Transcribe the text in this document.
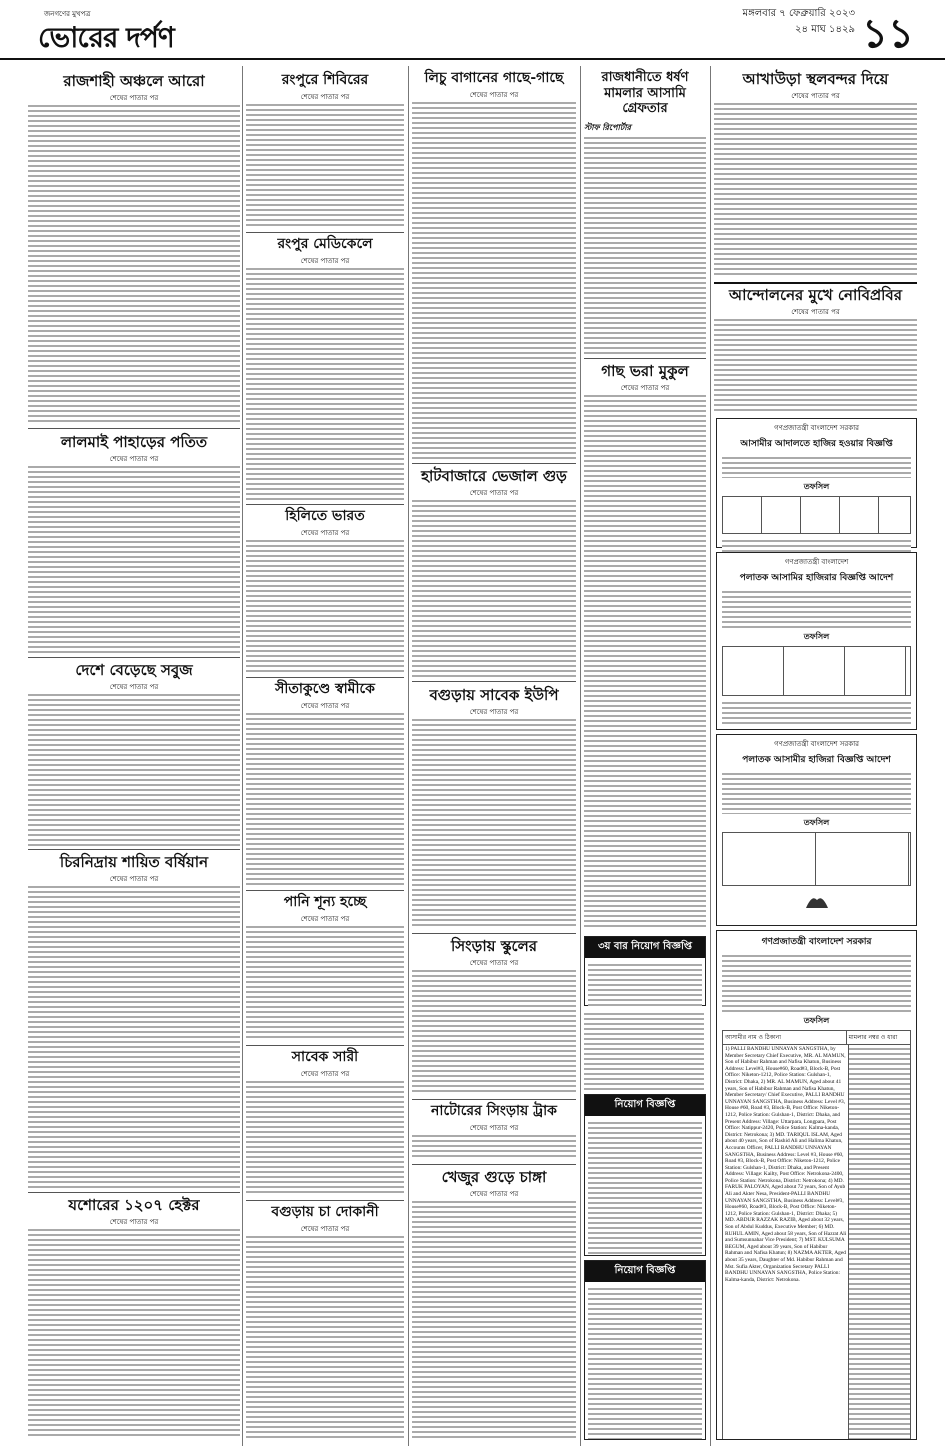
জনগণের মুখপত্র
ভোরের দর্পণ
মঙ্গলবার ৭ ফেব্রুয়ারি ২০২৩
২৪ মাঘ ১৪২৯ ১১
রাজশাহী অঞ্চলে আরো
শেষের পাতার পর
লালমাই পাহাড়ের পতিত
শেষের পাতার পর
দেশে বেড়েছে সবুজ
শেষের পাতার পর
চিরনিদ্রায় শায়িত বর্ষিয়ান
শেষের পাতার পর
যশোরের ১২০৭ হেক্টর
শেষের পাতার পর
রংপুরে শিবিরের
শেষের পাতার পর
রংপুর মেডিকেলে
শেষের পাতার পর
হিলিতে ভারত
শেষের পাতার পর
সীতাকুণ্ডে স্বামীকে
শেষের পাতার পর
পানি শূন্য হচ্ছে
শেষের পাতার পর
সাবেক সারী
শেষের পাতার পর
বগুড়ায় চা দোকানী
শেষের পাতার পর
লিচু বাগানের গাছে-গাছে
শেষের পাতার পর
হাটবাজারে ভেজাল গুড়
শেষের পাতার পর
বগুড়ায় সাবেক ইউপি
শেষের পাতার পর
সিংড়ায় স্কুলের
শেষের পাতার পর
নাটোরের সিংড়ায় ট্রাক
শেষের পাতার পর
খেজুর গুড়ে চাঙ্গা
শেষের পাতার পর
রাজধানীতে ধর্ষণ মামলার আসামি গ্রেফতার
স্টাফ রিপোর্টার
গাছ ভরা মুকুল
শেষের পাতার পর
৩য় বার নিয়োগ বিজ্ঞপ্তি
নিয়োগ বিজ্ঞপ্তি
নিয়োগ বিজ্ঞপ্তি
আখাউড়া স্থলবন্দর দিয়ে
শেষের পাতার পর
আন্দোলনের মুখে নোবিপ্রবির
শেষের পাতার পর
গণপ্রজাতন্ত্রী বাংলাদেশ সরকার
আসামীর আদালতে হাজির হওয়ার বিজ্ঞপ্তি
তফসিল
গণপ্রজাতন্ত্রী বাংলাদেশ
পলাতক আসামির হাজিরার বিজ্ঞপ্তি আদেশ
তফসিল
গণপ্রজাতন্ত্রী বাংলাদেশ সরকার
পলাতক আসামীর হাজিরা বিজ্ঞপ্তি আদেশ
তফসিল
গণপ্রজাতন্ত্রী বাংলাদেশ সরকার
তফসিল
আসামীর নাম ও ঠিকানা	মামলার নম্বর ও ধারা
1) PALLI BANDHU UNNAYAN SANGSTHA, by Member Secretary Chief Executive, MR. AL MAMUN, Son of Habibur Rahman and Nafisa Khatun, Business Address: Level#3, House#60, Road#3, Block-B, Post Office: Niketon-1212, Police Station: Gulshan-1, District: Dhaka, 2) MR. AL MAMUN, Aged about 41 years, Son of Habibur Rahman and Nafisa Khatun, Member Secretary/ Chief Executive, PALLI BANDHU UNNAYAN SANGSTHA, Business Address: Level #3, House #60, Road #3, Block-B, Post Office: Niketon-1212, Police Station: Gulshan-1, District: Dhaka, and Present Address: Village: Uttarpara, Longpara, Post Office: Natippur-2420, Police Station: Kalma-kanda, District: Netrokona; 3) MD. TARIQUL ISLAM, Aged about 40 years, Son of Rashid Ali and Halima Khatun, Accounts Officer, PALLI BANDHU UNNAYAN SANGSTHA, Business Address: Level #3, House #60, Road #3, Block-B, Post Office: Niketon-1212, Police Station: Gulshan-1, District: Dhaka, and Present Address: Village: Kailty, Post Office: Netrokona-2400, Police Station: Netrokona, District: Netrokona; 4) MD. FARUK PALOYAN, Aged about 72 years, Son of Ayub Ali and Akter Nesa, President-PALLI BANDHU UNNAYAN SANGSTHA, Business Address: Level#3, House#60, Road#3, Block-B, Post Office: Niketon-1212, Police Station: Gulshan-1, District: Dhaka; 5) MD. ABDUR RAZZAK RAZIB, Aged about 32 years, Son of Abdul Kuddus, Executive Member; 6) MD. RUHUL AMIN, Aged about 58 years, Son of Hazrat Ali and Sumsunnahar Vice President; 7) MST. KULSUMA BEGUM, Aged about 39 years, Son of Habibur Rahman and Nafisa Khatun; 8) NAZMA AKTER, Aged about 35 years, Daughter of Md. Habibur Rahman and Mst. Sufia Akter, Organization Secretary PALLI BANDHU UNNAYAN SANGSTHA, Police Station: Kalma-kanda, District: Netrokona.
